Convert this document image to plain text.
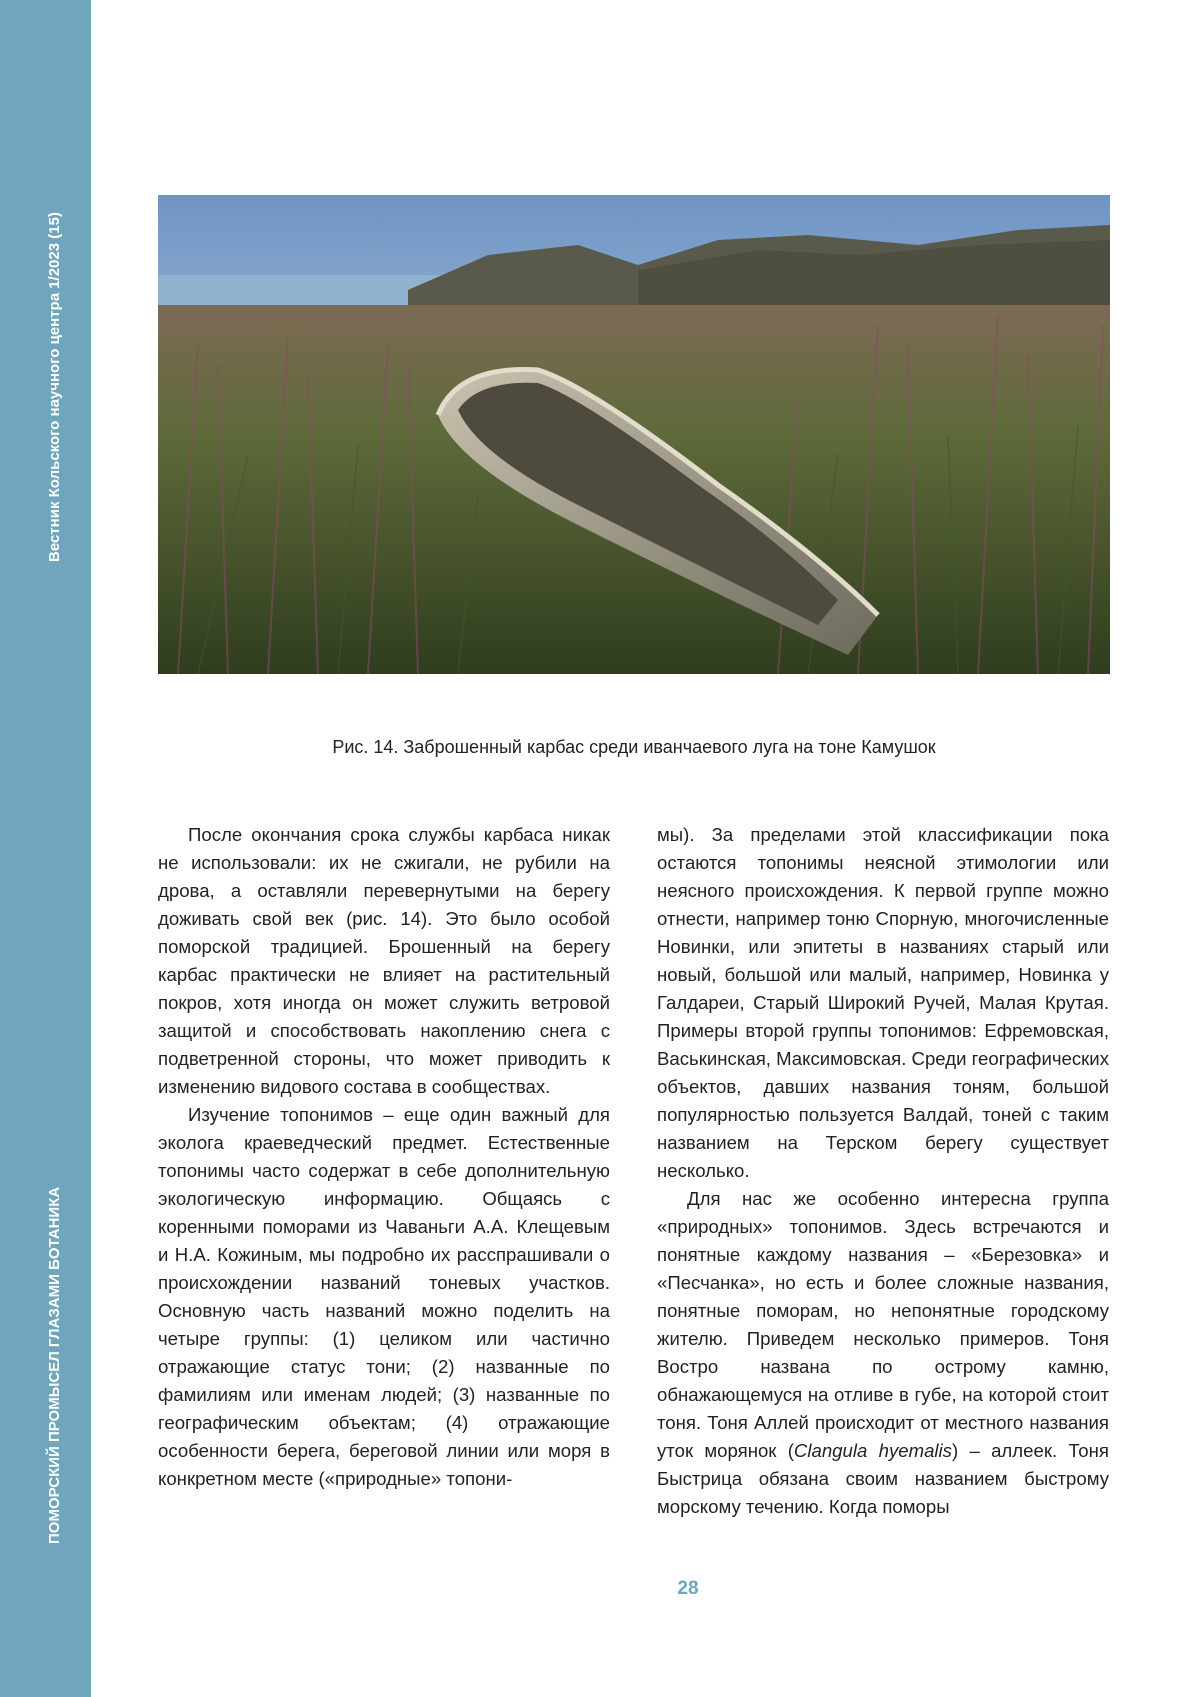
Вестник Кольского научного центра 1/2023 (15)
ПОМОРСКИЙ ПРОМЫСЕЛ ГЛАЗАМИ БОТАНИКА
Рис. 14. Заброшенный карбас среди иванчаевого луга на тоне Камушок

После окончания срока службы карбаса никак не использовали: их не сжигали, не рубили на дрова, а оставляли перевернутыми на берегу доживать свой век (рис. 14). Это было особой поморской традицией. Брошенный на берегу карбас практически не влияет на растительный покров, хотя иногда он может служить ветровой защитой и способствовать накоплению снега с подветренной стороны, что может приводить к изменению видового состава в сообществах.

Изучение топонимов – еще один важный для эколога краеведческий предмет. Естественные топонимы часто содержат в себе дополнительную экологическую информацию. Общаясь с коренными поморами из Чаваньги А.А. Клещевым и Н.А. Кожиным, мы подробно их расспрашивали о происхождении названий тоневых участков. Основную часть названий можно поделить на четыре группы: (1) целиком или частично отражающие статус тони; (2) названные по фамилиям или именам людей; (3) названные по географическим объектам; (4) отражающие особенности берега, береговой линии или моря в конкретном месте («природные» топони-

мы). За пределами этой классификации пока остаются топонимы неясной этимологии или неясного происхождения. К первой группе можно отнести, например тоню Спорную, многочисленные Новинки, или эпитеты в названиях старый или новый, большой или малый, например, Новинка у Галдареи, Старый Широкий Ручей, Малая Крутая. Примеры второй группы топонимов: Ефремовская, Васькинская, Максимовская. Среди географических объектов, давших названия тоням, большой популярностью пользуется Валдай, тоней с таким названием на Терском берегу существует несколько.

Для нас же особенно интересна группа «природных» топонимов. Здесь встречаются и понятные каждому названия – «Березовка» и «Песчанка», но есть и более сложные названия, понятные поморам, но непонятные городскому жителю. Приведем несколько примеров. Тоня Востро названа по острому камню, обнажающемуся на отливе в губе, на которой стоит тоня. Тоня Аллей происходит от местного названия уток морянок (Clangula hyemalis) – аллеек. Тоня Быстрица обязана своим названием быстрому морскому течению. Когда поморы

28
